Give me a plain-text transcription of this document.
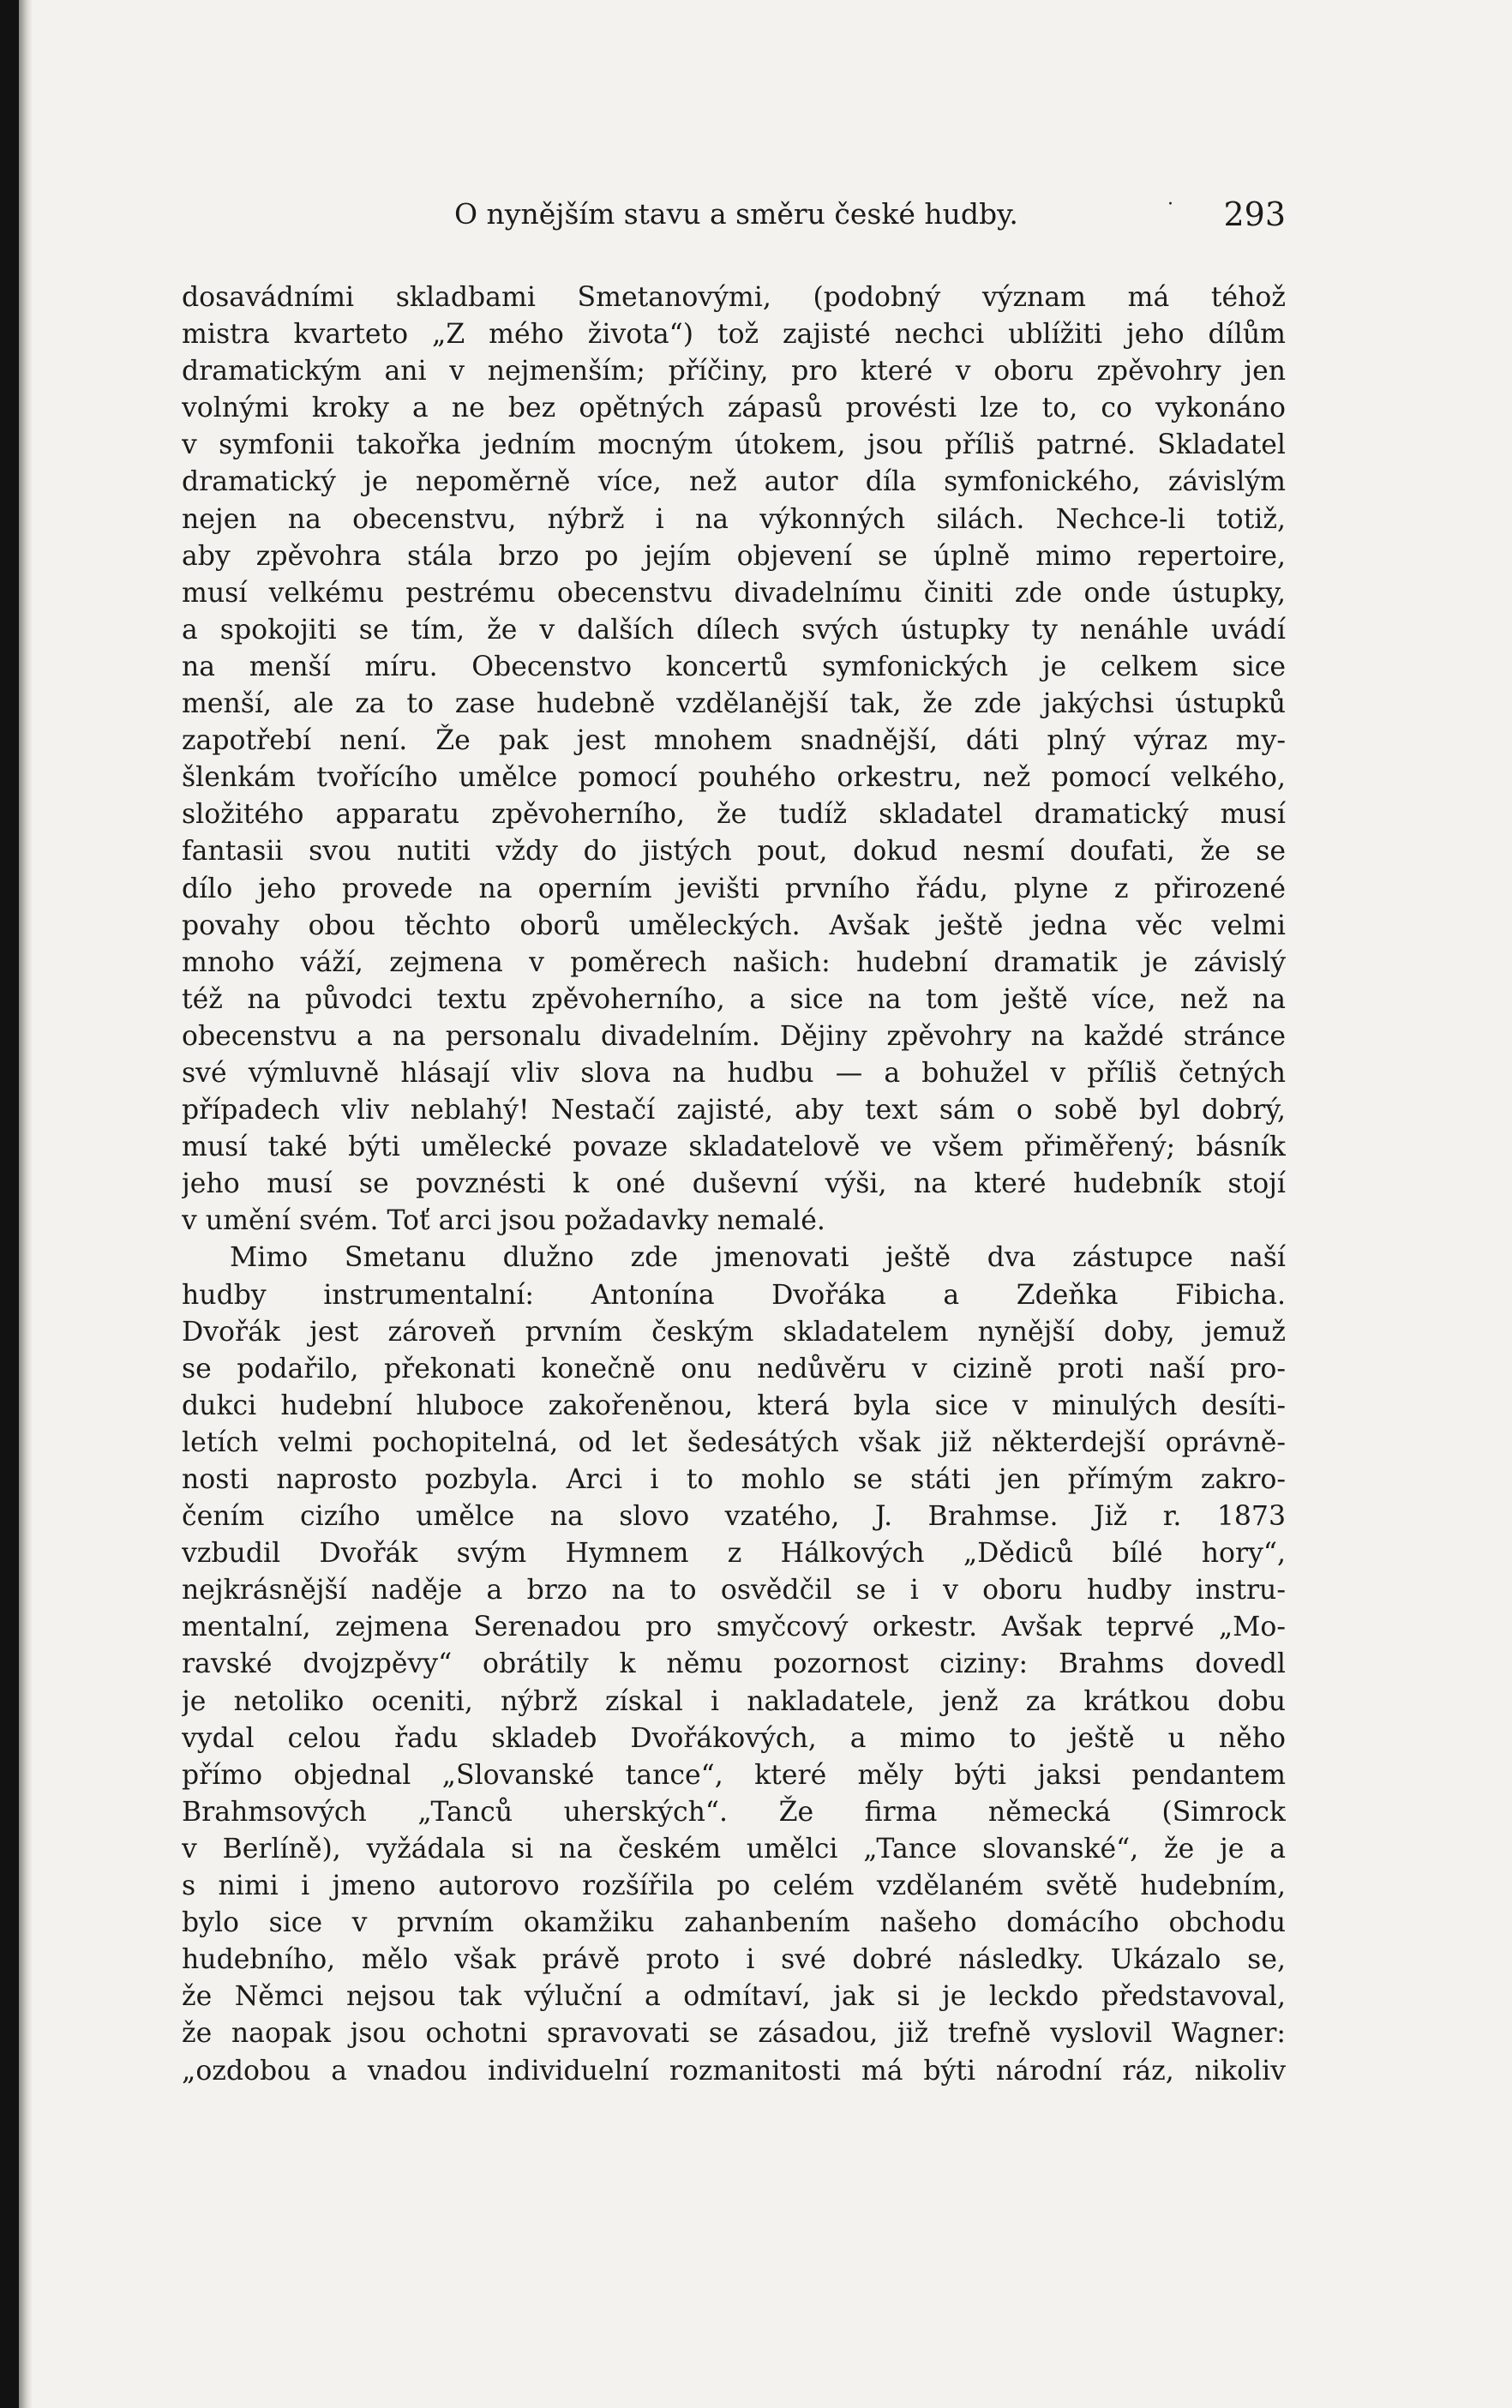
O nynějším stavu a směru české hudby.	· 293
dosavádními skladbami Smetanovými, (podobný význam má téhož
mistra kvarteto „Z mého života“) tož zajisté nechci ublížiti jeho dílům
dramatickým ani v nejmenším; příčiny, pro které v oboru zpěvohry jen
volnými kroky a ne bez opětných zápasů provésti lze to, co vykonáno
v symfonii takořka jedním mocným útokem, jsou příliš patrné. Skladatel
dramatický je nepoměrně více, než autor díla symfonického, závislým
nejen na obecenstvu, nýbrž i na výkonných silách. Nechce-li totiž,
aby zpěvohra stála brzo po jejím objevení se úplně mimo repertoire,
musí velkému pestrému obecenstvu divadelnímu činiti zde onde ústupky,
a spokojiti se tím, že v dalších dílech svých ústupky ty nenáhle uvádí
na menší míru. Obecenstvo koncertů symfonických je celkem sice
menší, ale za to zase hudebně vzdělanější tak, že zde jakýchsi ústupků
zapotřebí není. Že pak jest mnohem snadnější, dáti plný výraz my-
šlenkám tvořícího umělce pomocí pouhého orkestru, než pomocí velkého,
složitého apparatu zpěvoherního, že tudíž skladatel dramatický musí
fantasii svou nutiti vždy do jistých pout, dokud nesmí doufati, že se
dílo jeho provede na operním jevišti prvního řádu, plyne z přirozené
povahy obou těchto oborů uměleckých. Avšak ještě jedna věc velmi
mnoho váží, zejmena v poměrech našich: hudební dramatik je závislý
též na původci textu zpěvoherního, a sice na tom ještě více, než na
obecenstvu a na personalu divadelním. Dějiny zpěvohry na každé stránce
své výmluvně hlásají vliv slova na hudbu — a bohužel v příliš četných
případech vliv neblahý! Nestačí zajisté, aby text sám o sobě byl dobrý,
musí také býti umělecké povaze skladatelově ve všem přiměřený; básník
jeho musí se povznésti k oné duševní výši, na které hudebník stojí
v umění svém. Toť arci jsou požadavky nemalé.
Mimo Smetanu dlužno zde jmenovati ještě dva zástupce naší
hudby instrumentalní: Antonína Dvořáka a Zdeňka Fibicha.
Dvořák jest zároveň prvním českým skladatelem nynější doby, jemuž
se podařilo, překonati konečně onu nedůvěru v cizině proti naší pro-
dukci hudební hluboce zakořeněnou, která byla sice v minulých desíti-
letích velmi pochopitelná, od let šedesátých však již některdejší oprávně-
nosti naprosto pozbyla. Arci i to mohlo se státi jen přímým zakro-
čením cizího umělce na slovo vzatého, J. Brahmse. Již r. 1873
vzbudil Dvořák svým Hymnem z Hálkových „Dědiců bílé hory“,
nejkrásnější naděje a brzo na to osvědčil se i v oboru hudby instru-
mentalní, zejmena Serenadou pro smyčcový orkestr. Avšak teprvé „Mo-
ravské dvojzpěvy“ obrátily k němu pozornost ciziny: Brahms dovedl
je netoliko oceniti, nýbrž získal i nakladatele, jenž za krátkou dobu
vydal celou řadu skladeb Dvořákových, a mimo to ještě u něho
přímo objednal „Slovanské tance“, které měly býti jaksi pendantem
Brahmsových „Tanců uherských“. Že firma německá (Simrock
v Berlíně), vyžádala si na českém umělci „Tance slovanské“, že je a
s nimi i jmeno autorovo rozšířila po celém vzdělaném světě hudebním,
bylo sice v prvním okamžiku zahanbením našeho domácího obchodu
hudebního, mělo však právě proto i své dobré následky. Ukázalo se,
že Němci nejsou tak výluční a odmítaví, jak si je leckdo představoval,
že naopak jsou ochotni spravovati se zásadou, již trefně vyslovil Wagner:
„ozdobou a vnadou individuelní rozmanitosti má býti národní ráz, nikoliv
